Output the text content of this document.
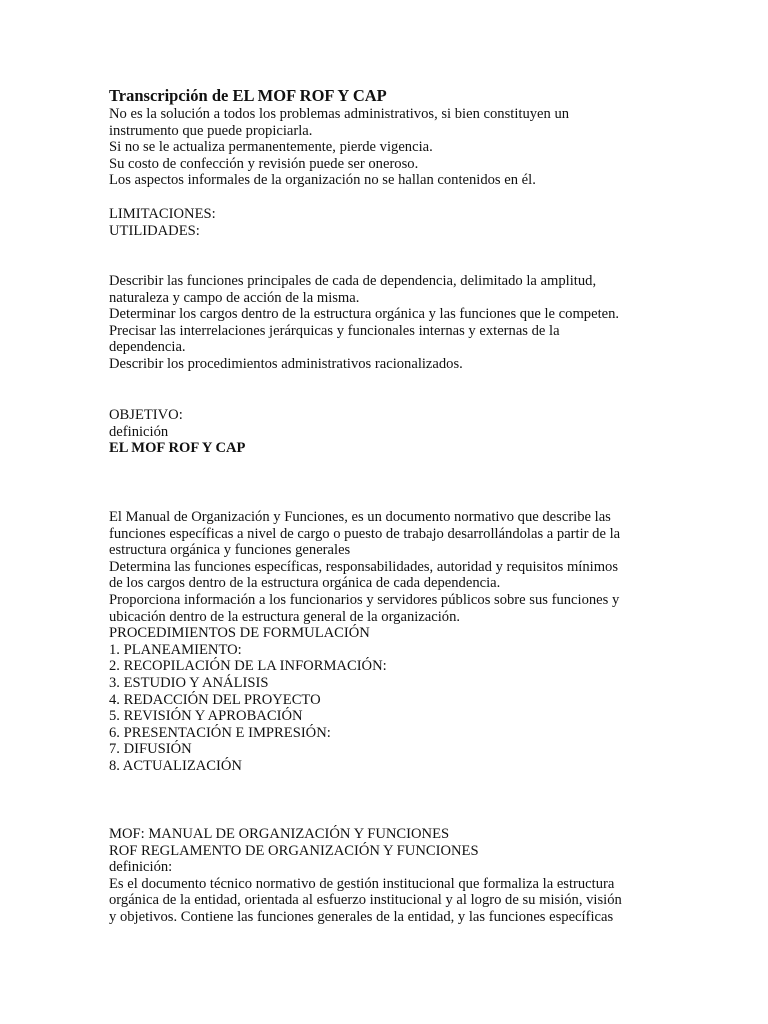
Transcripción de EL MOF ROF Y CAP
No es la solución a todos los problemas administrativos, si bien constituyen un
instrumento que puede propiciarla.
Si no se le actualiza permanentemente, pierde vigencia.
Su costo de confección y revisión puede ser oneroso.
Los aspectos informales de la organización no se hallan contenidos en él.
LIMITACIONES:
UTILIDADES:
Describir las funciones principales de cada de dependencia, delimitado la amplitud,
naturaleza y campo de acción de la misma.
Determinar los cargos dentro de la estructura orgánica y las funciones que le competen.
Precisar las interrelaciones jerárquicas y funcionales internas y externas de la
dependencia.
Describir los procedimientos administrativos racionalizados.
OBJETIVO:
definición
EL MOF ROF Y CAP
El Manual de Organización y Funciones, es un documento normativo que describe las
funciones específicas a nivel de cargo o puesto de trabajo desarrollándolas a partir de la
estructura orgánica y funciones generales
Determina las funciones específicas, responsabilidades, autoridad y requisitos mínimos
de los cargos dentro de la estructura orgánica de cada dependencia.
Proporciona información a los funcionarios y servidores públicos sobre sus funciones y
ubicación dentro de la estructura general de la organización.
PROCEDIMIENTOS DE FORMULACIÓN
1. PLANEAMIENTO:
2. RECOPILACIÓN DE LA INFORMACIÓN:
3. ESTUDIO Y ANÁLISIS
4. REDACCIÓN DEL PROYECTO
5. REVISIÓN Y APROBACIÓN
6. PRESENTACIÓN E IMPRESIÓN:
7. DIFUSIÓN
8. ACTUALIZACIÓN
MOF: MANUAL DE ORGANIZACIÓN Y FUNCIONES
ROF REGLAMENTO DE ORGANIZACIÓN Y FUNCIONES
definición:
Es el documento técnico normativo de gestión institucional que formaliza la estructura
orgánica de la entidad, orientada al esfuerzo institucional y al logro de su misión, visión
y objetivos. Contiene las funciones generales de la entidad, y las funciones específicas
